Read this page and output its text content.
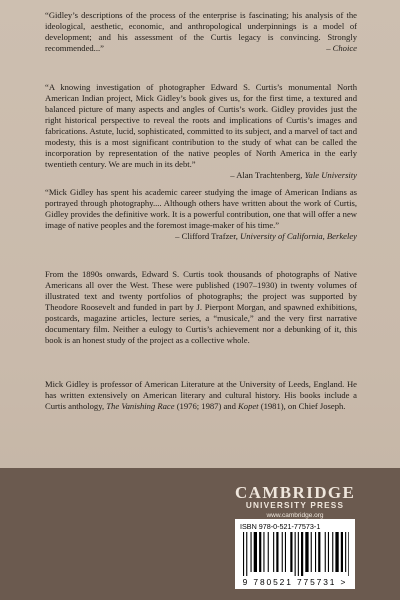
“Gidley’s descriptions of the process of the enterprise is fascinating; his analysis of the ideological, aesthetic, economic, and anthropological underpinnings is a model of development; and his assessment of the Curtis legacy is convincing. Strongly recommended...”	– Choice

“A knowing investigation of photographer Edward S. Curtis’s monumental North American Indian project, Mick Gidley’s book gives us, for the first time, a textured and balanced picture of many aspects and angles of Curtis’s work. Gidley provides just the right historical perspective to reveal the roots and implications of Curtis’s images and fabrications. Astute, lucid, sophisticated, committed to its subject, and a marvel of tact and modesty, this is a most significant contribution to the study of what can be called the incorporation by representation of the native peoples of North America in the early twentieth century. We are much in its debt.”

– Alan Trachtenberg, Yale University

“Mick Gidley has spent his academic career studying the image of American Indians as portrayed through photography.... Although others have written about the work of Curtis, Gidley provides the definitive work. It is a powerful contribution, one that will offer a new image of native peoples and the foremost image-maker of his time.”

– Clifford Trafzer, University of California, Berkeley

From the 1890s onwards, Edward S. Curtis took thousands of photographs of Native Americans all over the West. These were published (1907–1930) in twenty volumes of illustrated text and twenty portfolios of photographs; the project was supported by Theodore Roosevelt and funded in part by J. Pierpont Morgan, and spawned exhibitions, postcards, magazine articles, lecture series, a “musicale,” and the very first narrative documentary film. Neither a eulogy to Curtis’s achievement nor a debunking of it, this book is an honest study of the project as a collective whole.

Mick Gidley is professor of American Literature at the University of Leeds, England. He has written extensively on American literary and cultural history. His books include a Curtis anthology, The Vanishing Race (1976; 1987) and Kopet (1981), on Chief Joseph.

CAMBRIDGE
UNIVERSITY PRESS
www.cambridge.org
ISBN 978-0-521-77573-1
9 780521 775731 >
